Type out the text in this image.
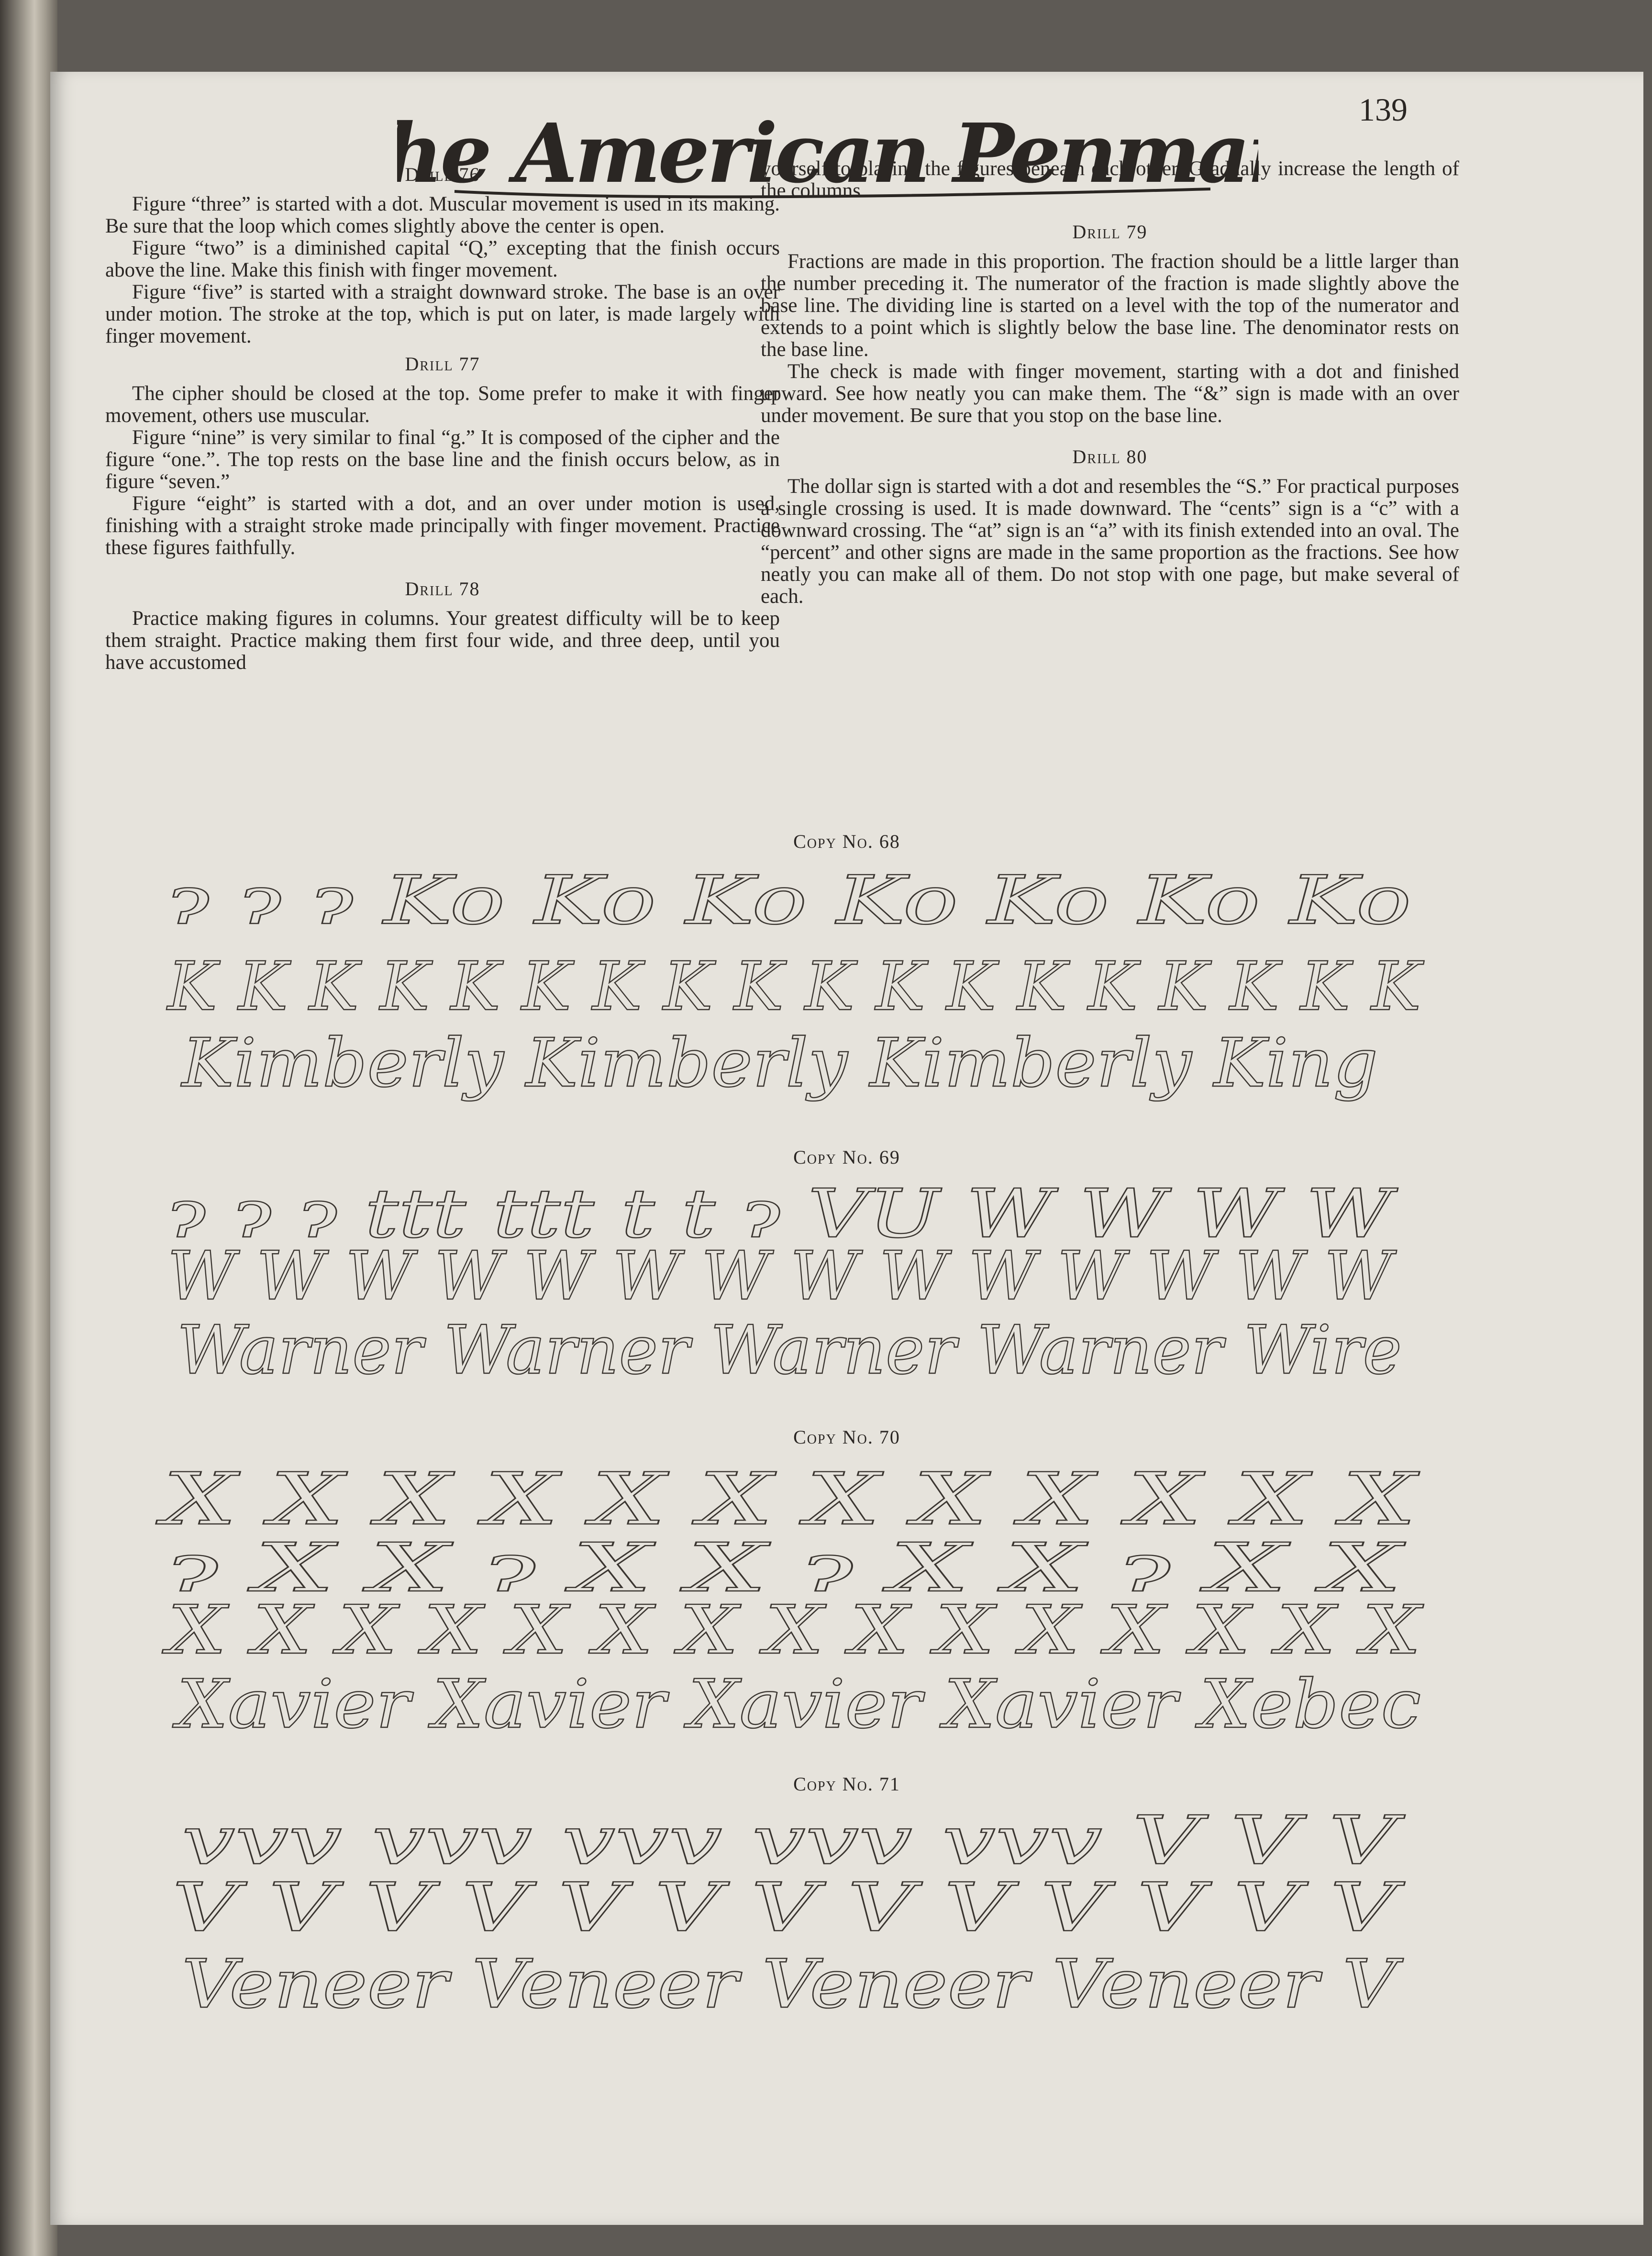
e American Penma	139
Drill 76

Figure “three” is started with a dot. Muscular movement is used in its making. Be sure that the loop which comes slightly above the center is open.

Figure “two” is a diminished capital “Q,” excepting that the finish occurs above the line. Make this finish with finger movement.

Figure “five” is started with a straight downward stroke. The base is an over under motion. The stroke at the top, which is put on later, is made largely with finger movement.

Drill 77

The cipher should be closed at the top. Some prefer to make it with finger movement, others use muscular.

Figure “nine” is very similar to final “g.” It is composed of the cipher and the figure “one.”. The top rests on the base line and the finish occurs below, as in figure “seven.”

Figure “eight” is started with a dot, and an over under motion is used, finishing with a straight stroke made principally with finger movement. Practice these figures faithfully.

Drill 78

Practice making figures in columns. Your greatest difficulty will be to keep them straight. Practice making them first four wide, and three deep, until you have accustomed

yourself to placing the figures beneath each other. Gradually increase the length of the columns.

Drill 79

Fractions are made in this proportion. The fraction should be a little larger than the number preceding it. The numerator of the fraction is made slightly above the base line. The dividing line is started on a level with the top of the numerator and extends to a point which is slightly below the base line. The denominator rests on the base line.

The check is made with finger movement, starting with a dot and finished upward. See how neatly you can make them. The “&” sign is made with an over under movement. Be sure that you stop on the base line.

Drill 80

The dollar sign is started with a dot and resembles the “S.” For practical purposes a single crossing is used. It is made downward. The “cents” sign is a “c” with a downward crossing. The “at” sign is an “a” with its finish extended into an oval. The “percent” and other signs are made in the same proportion as the fractions. See how neatly you can make all of them. Do not stop with one page, but make several of each.

Copy No. 68
ɂ ɂ ɂ Ko Ko Ko Ko Ko Ko Ko
K K K K K K K K K K K K K K K K K K
Kimberly Kimberly Kimberly King
Copy No. 69
ɂ ɂ ɂ ttt ttt t t ɂ VU W W W W
W W W W W W W W W W W W W W
Warner Warner Warner Warner Wire
Copy No. 70
X X X X X X X X X X X X
ɂ X X ɂ X X ɂ X X ɂ X X
X X X X X X X X X X X X X X X
Xavier Xavier Xavier Xavier Xebec
Copy No. 71
vvv vvv vvv vvv vvv V V V
V V V V V V V V V V V V V
Veneer Veneer Veneer Veneer V
